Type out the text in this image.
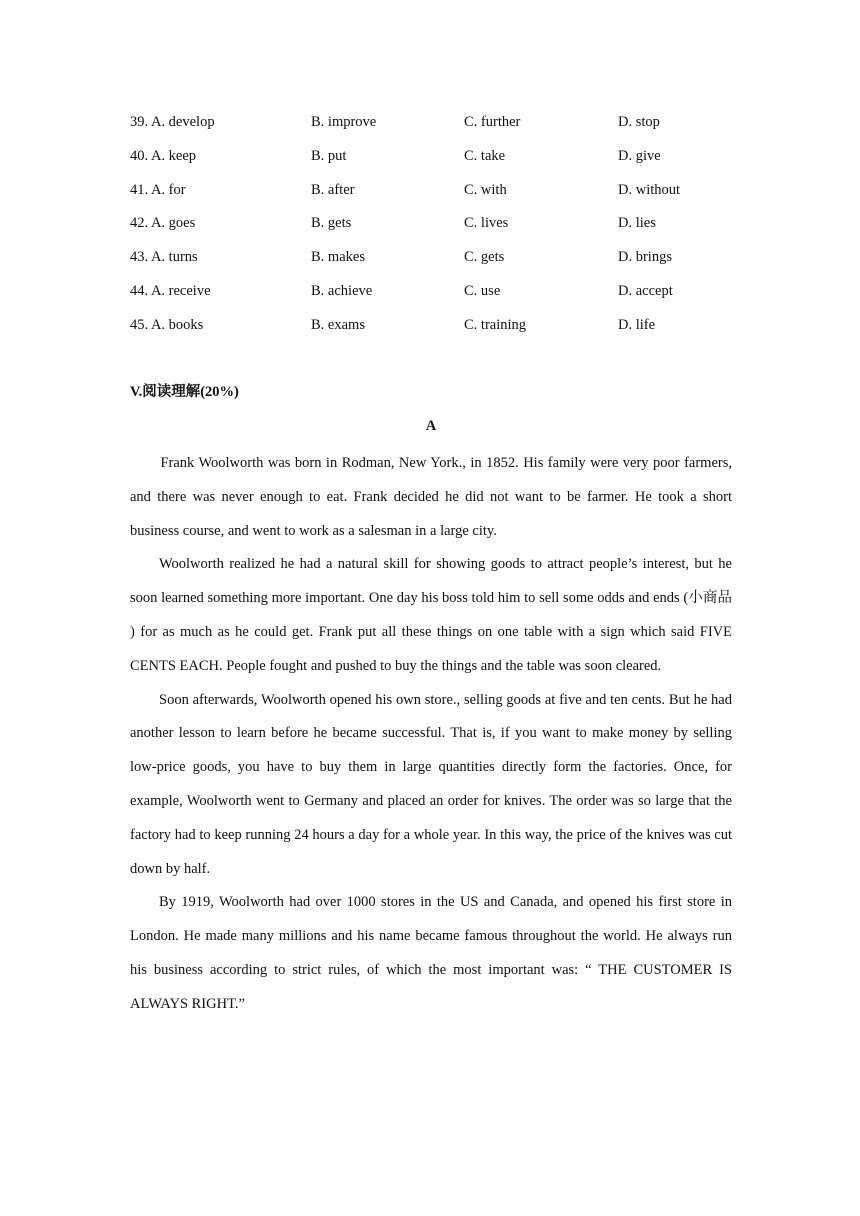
39. A. develop	B. improve	C. further	D. stop
40. A. keep	B. put	C. take	D. give
41. A. for	B. after	C. with	D. without
42. A. goes	B. gets	C. lives	D. lies
43. A. turns	B. makes	C. gets	D. brings
44. A. receive	B. achieve	C. use	D. accept
45. A. books	B. exams	C. training	D. life
V.阅读理解(20%)
A

Frank Woolworth was born in Rodman, New York., in 1852. His family were very poor farmers, and there was never enough to eat. Frank decided he did not want to be farmer. He took a short business course, and went to work as a salesman in a large city.

Woolworth realized he had a natural skill for showing goods to attract people’s interest, but he soon learned something more important. One day his boss told him to sell some odds and ends (小商品 ) for as much as he could get. Frank put all these things on one table with a sign which said FIVE CENTS EACH. People fought and pushed to buy the things and the table was soon cleared.

Soon afterwards, Woolworth opened his own store., selling goods at five and ten cents. But he had another lesson to learn before he became successful. That is, if you want to make money by selling low-price goods, you have to buy them in large quantities directly form the factories. Once, for example, Woolworth went to Germany and placed an order for knives. The order was so large that the factory had to keep running 24 hours a day for a whole year. In this way, the price of the knives was cut down by half.

By 1919, Woolworth had over 1000 stores in the US and Canada, and opened his first store in London. He made many millions and his name became famous throughout the world. He always run his business according to strict rules, of which the most important was: “ THE CUSTOMER IS ALWAYS RIGHT.”
